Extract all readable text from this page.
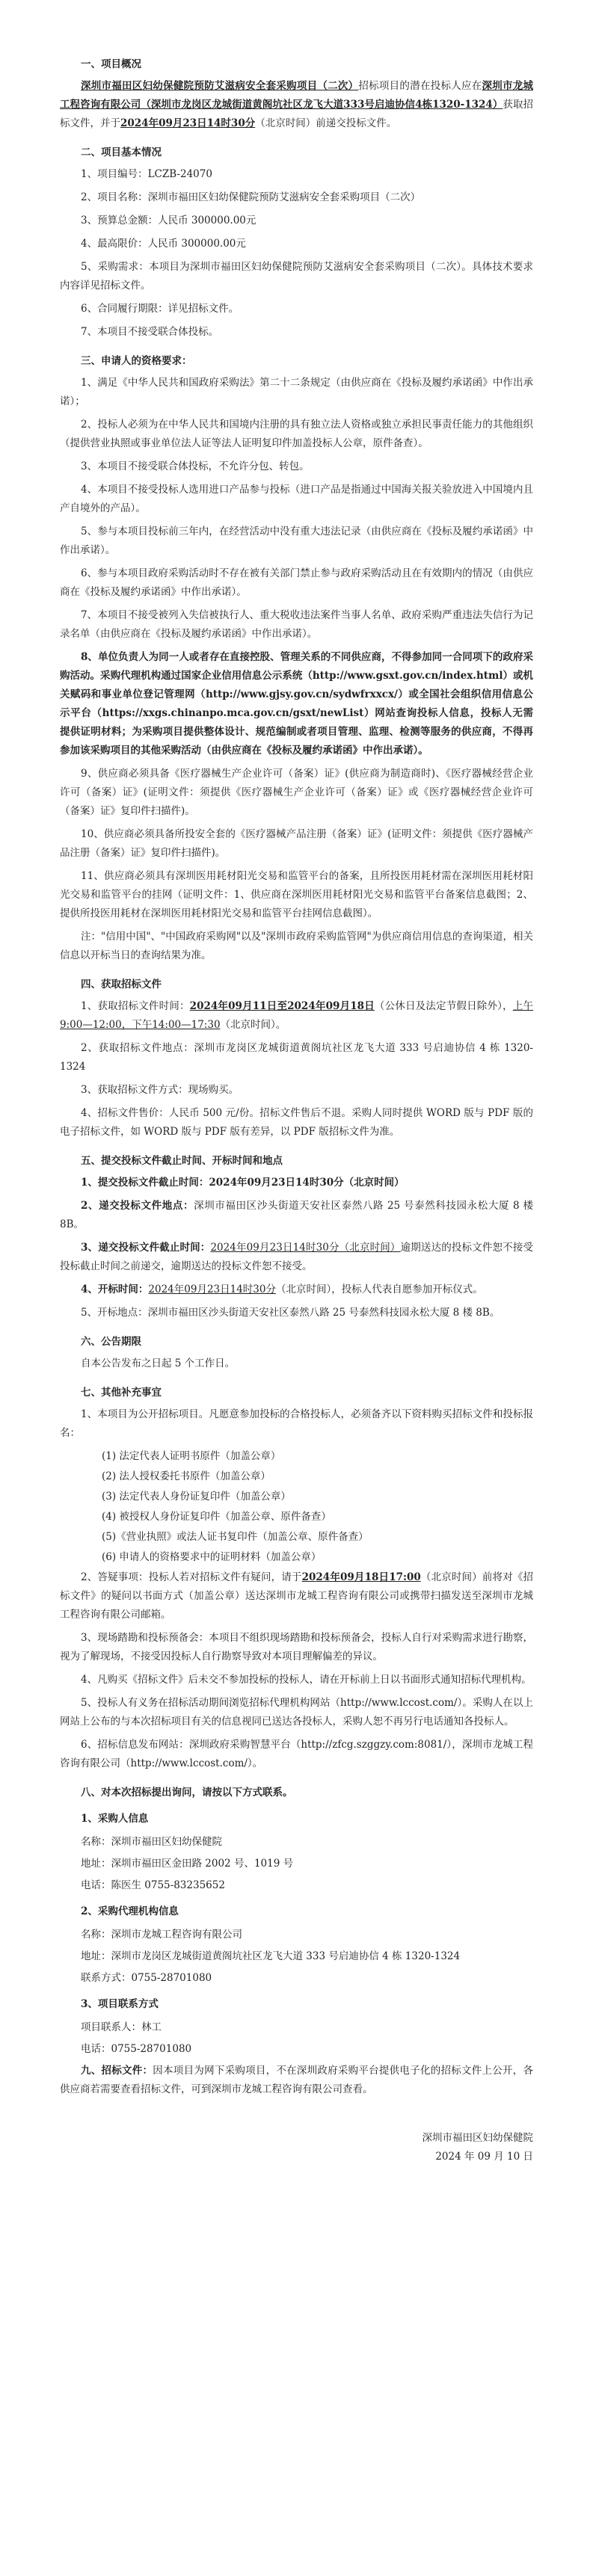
一、项目概况

深圳市福田区妇幼保健院预防艾滋病安全套采购项目（二次）招标项目的潜在投标人应在深圳市龙城工程咨询有限公司（深圳市龙岗区龙城街道黄阁坑社区龙飞大道333号启迪协信4栋1320-1324）获取招标文件，并于2024年09月23日14时30分（北京时间）前递交投标文件。

二、项目基本情况

1、项目编号：LCZB-24070

2、项目名称：深圳市福田区妇幼保健院预防艾滋病安全套采购项目（二次）

3、预算总金额：人民币 300000.00元

4、最高限价：人民币 300000.00元

5、采购需求：本项目为深圳市福田区妇幼保健院预防艾滋病安全套采购项目（二次）。具体技术要求内容详见招标文件。

6、合同履行期限：详见招标文件。

7、本项目不接受联合体投标。

三、申请人的资格要求：

1、满足《中华人民共和国政府采购法》第二十二条规定（由供应商在《投标及履约承诺函》中作出承诺）；

2、投标人必须为在中华人民共和国境内注册的具有独立法人资格或独立承担民事责任能力的其他组织（提供营业执照或事业单位法人证等法人证明复印件加盖投标人公章，原件备查）。

3、本项目不接受联合体投标，不允许分包、转包。

4、本项目不接受投标人选用进口产品参与投标（进口产品是指通过中国海关报关验放进入中国境内且产自境外的产品）。

5、参与本项目投标前三年内，在经营活动中没有重大违法记录（由供应商在《投标及履约承诺函》中作出承诺）。

6、参与本项目政府采购活动时不存在被有关部门禁止参与政府采购活动且在有效期内的情况（由供应商在《投标及履约承诺函》中作出承诺）。

7、本项目不接受被列入失信被执行人、重大税收违法案件当事人名单、政府采购严重违法失信行为记录名单（由供应商在《投标及履约承诺函》中作出承诺）。

8、单位负责人为同一人或者存在直接控股、管理关系的不同供应商，不得参加同一合同项下的政府采购活动。采购代理机构通过国家企业信用信息公示系统（http://www.gsxt.gov.cn/index.html）或机关赋码和事业单位登记管理网（http://www.gjsy.gov.cn/sydwfrxxcx/）或全国社会组织信用信息公示平台（https://xxgs.chinanpo.mca.gov.cn/gsxt/newList）网站查询投标人信息，投标人无需提供证明材料；为采购项目提供整体设计、规范编制或者项目管理、监理、检测等服务的供应商，不得再参加该采购项目的其他采购活动（由供应商在《投标及履约承诺函》中作出承诺）。

9、供应商必须具备《医疗器械生产企业许可（备案）证》(供应商为制造商时)、《医疗器械经营企业许可（备案）证》(证明文件：须提供《医疗器械生产企业许可（备案）证》或《医疗器械经营企业许可（备案）证》复印件扫描件)。

10、供应商必须具备所投安全套的《医疗器械产品注册（备案）证》(证明文件：须提供《医疗器械产品注册（备案）证》复印件扫描件)。

11、供应商必须具有深圳医用耗材阳光交易和监管平台的备案，且所投医用耗材需在深圳医用耗材阳光交易和监管平台的挂网（证明文件：1、供应商在深圳医用耗材阳光交易和监管平台备案信息截图；2、提供所投医用耗材在深圳医用耗材阳光交易和监管平台挂网信息截图）。

注："信用中国"、"中国政府采购网"以及"深圳市政府采购监管网"为供应商信用信息的查询渠道，相关信息以开标当日的查询结果为准。

四、获取招标文件

1、获取招标文件时间：2024年09月11日至2024年09月18日（公休日及法定节假日除外），上午9:00—12:00，下午14:00—17:30（北京时间）。

2、获取招标文件地点：深圳市龙岗区龙城街道黄阁坑社区龙飞大道 333 号启迪协信 4 栋 1320-1324

3、获取招标文件方式：现场购买。

4、招标文件售价：人民币 500 元/份。招标文件售后不退。采购人同时提供 WORD 版与 PDF 版的电子招标文件，如 WORD 版与 PDF 版有差异，以 PDF 版招标文件为准。

五、提交投标文件截止时间、开标时间和地点

1、提交投标文件截止时间：2024年09月23日14时30分（北京时间）

2、递交投标文件地点：深圳市福田区沙头街道天安社区泰然八路 25 号泰然科技园永松大厦 8 楼 8B。

3、递交投标文件截止时间：2024年09月23日14时30分（北京时间）逾期送达的投标文件恕不接受投标截止时间之前递交，逾期送达的投标文件恕不接受。

4、开标时间：2024年09月23日14时30分（北京时间），投标人代表自愿参加开标仪式。

5、开标地点：深圳市福田区沙头街道天安社区泰然八路 25 号泰然科技园永松大厦 8 楼 8B。

六、公告期限

自本公告发布之日起 5 个工作日。

七、其他补充事宜

1、本项目为公开招标项目。凡愿意参加投标的合格投标人，必须备齐以下资料购买招标文件和投标报名：

(1) 法定代表人证明书原件（加盖公章）

(2) 法人授权委托书原件（加盖公章）

(3) 法定代表人身份证复印件（加盖公章）

(4) 被授权人身份证复印件（加盖公章、原件备查）

(5)《营业执照》或法人证书复印件（加盖公章、原件备查）

(6) 申请人的资格要求中的证明材料（加盖公章）

2、答疑事项：投标人若对招标文件有疑问，请于2024年09月18日17:00（北京时间）前将对《招标文件》的疑问以书面方式（加盖公章）送达深圳市龙城工程咨询有限公司或携带扫描发送至深圳市龙城工程咨询有限公司邮箱。

3、现场踏勘和投标预备会：本项目不组织现场踏勘和投标预备会，投标人自行对采购需求进行勘察，视为了解现场，不接受因投标人自行勘察导致对本项目理解偏差的异议。

4、凡购买《招标文件》后未交不参加投标的投标人，请在开标前上日以书面形式通知招标代理机构。

5、投标人有义务在招标活动期间浏览招标代理机构网站（http://www.lccost.com/）。采购人在以上网站上公布的与本次招标项目有关的信息视同已送达各投标人，采购人恕不再另行电话通知各投标人。

6、招标信息发布网站：深圳政府采购智慧平台（http://zfcg.szggzy.com:8081/），深圳市龙城工程咨询有限公司（http://www.lccost.com/）。

八、对本次招标提出询问，请按以下方式联系。
1、采购人信息

名称：深圳市福田区妇幼保健院

地址：深圳市福田区金田路 2002 号、1019 号

电话：陈医生 0755-83235652

2、采购代理机构信息

名称：深圳市龙城工程咨询有限公司

地址：深圳市龙岗区龙城街道黄阁坑社区龙飞大道 333 号启迪协信 4 栋 1320-1324

联系方式：0755-28701080

3、项目联系方式

项目联系人：林工

电话：0755-28701080

九、招标文件：因本项目为网下采购项目，不在深圳政府采购平台提供电子化的招标文件上公开，各供应商若需要查看招标文件，可到深圳市龙城工程咨询有限公司查看。

深圳市福田区妇幼保健院
2024 年 09 月 10 日
